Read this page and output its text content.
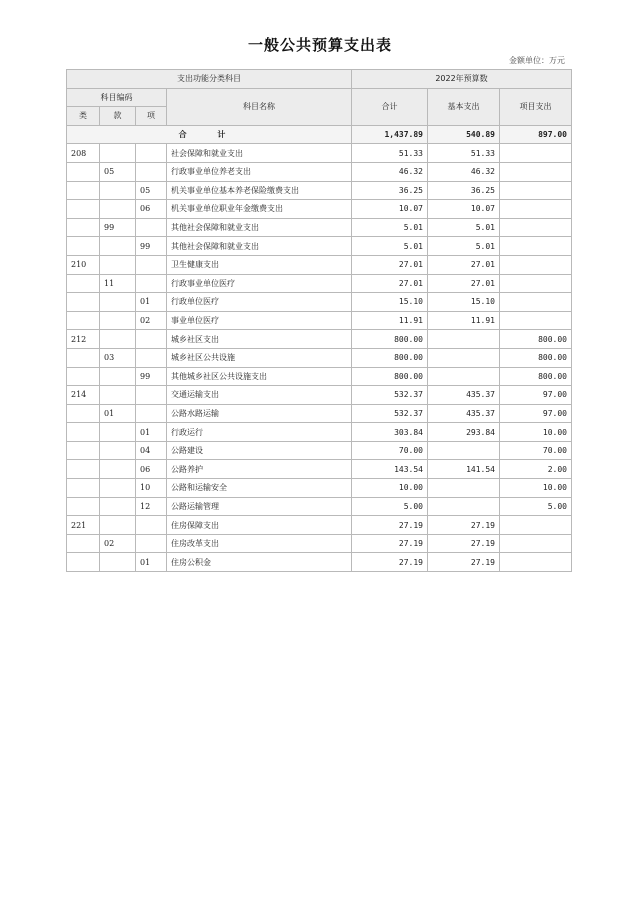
一般公共预算支出表
金额单位：万元
支出功能分类科目				2022年预算数		
科目编码			科目名称	合计	基本支出	项目支出
类	款	项				
合 计				1,437.89	540.89	897.00
208			社会保障和就业支出	51.33	51.33	
	05		行政事业单位养老支出	46.32	46.32	
		05	机关事业单位基本养老保险缴费支出	36.25	36.25	
		06	机关事业单位职业年金缴费支出	10.07	10.07	
	99		其他社会保障和就业支出	5.01	5.01	
		99	其他社会保障和就业支出	5.01	5.01	
210			卫生健康支出	27.01	27.01	
	11		行政事业单位医疗	27.01	27.01	
		01	行政单位医疗	15.10	15.10	
		02	事业单位医疗	11.91	11.91	
212			城乡社区支出	800.00		800.00
	03		城乡社区公共设施	800.00		800.00
		99	其他城乡社区公共设施支出	800.00		800.00
214			交通运输支出	532.37	435.37	97.00
	01		公路水路运输	532.37	435.37	97.00
		01	行政运行	303.84	293.84	10.00
		04	公路建设	70.00		70.00
		06	公路养护	143.54	141.54	2.00
		10	公路和运输安全	10.00		10.00
		12	公路运输管理	5.00		5.00
221			住房保障支出	27.19	27.19	
	02		住房改革支出	27.19	27.19	
		01	住房公积金	27.19	27.19	
